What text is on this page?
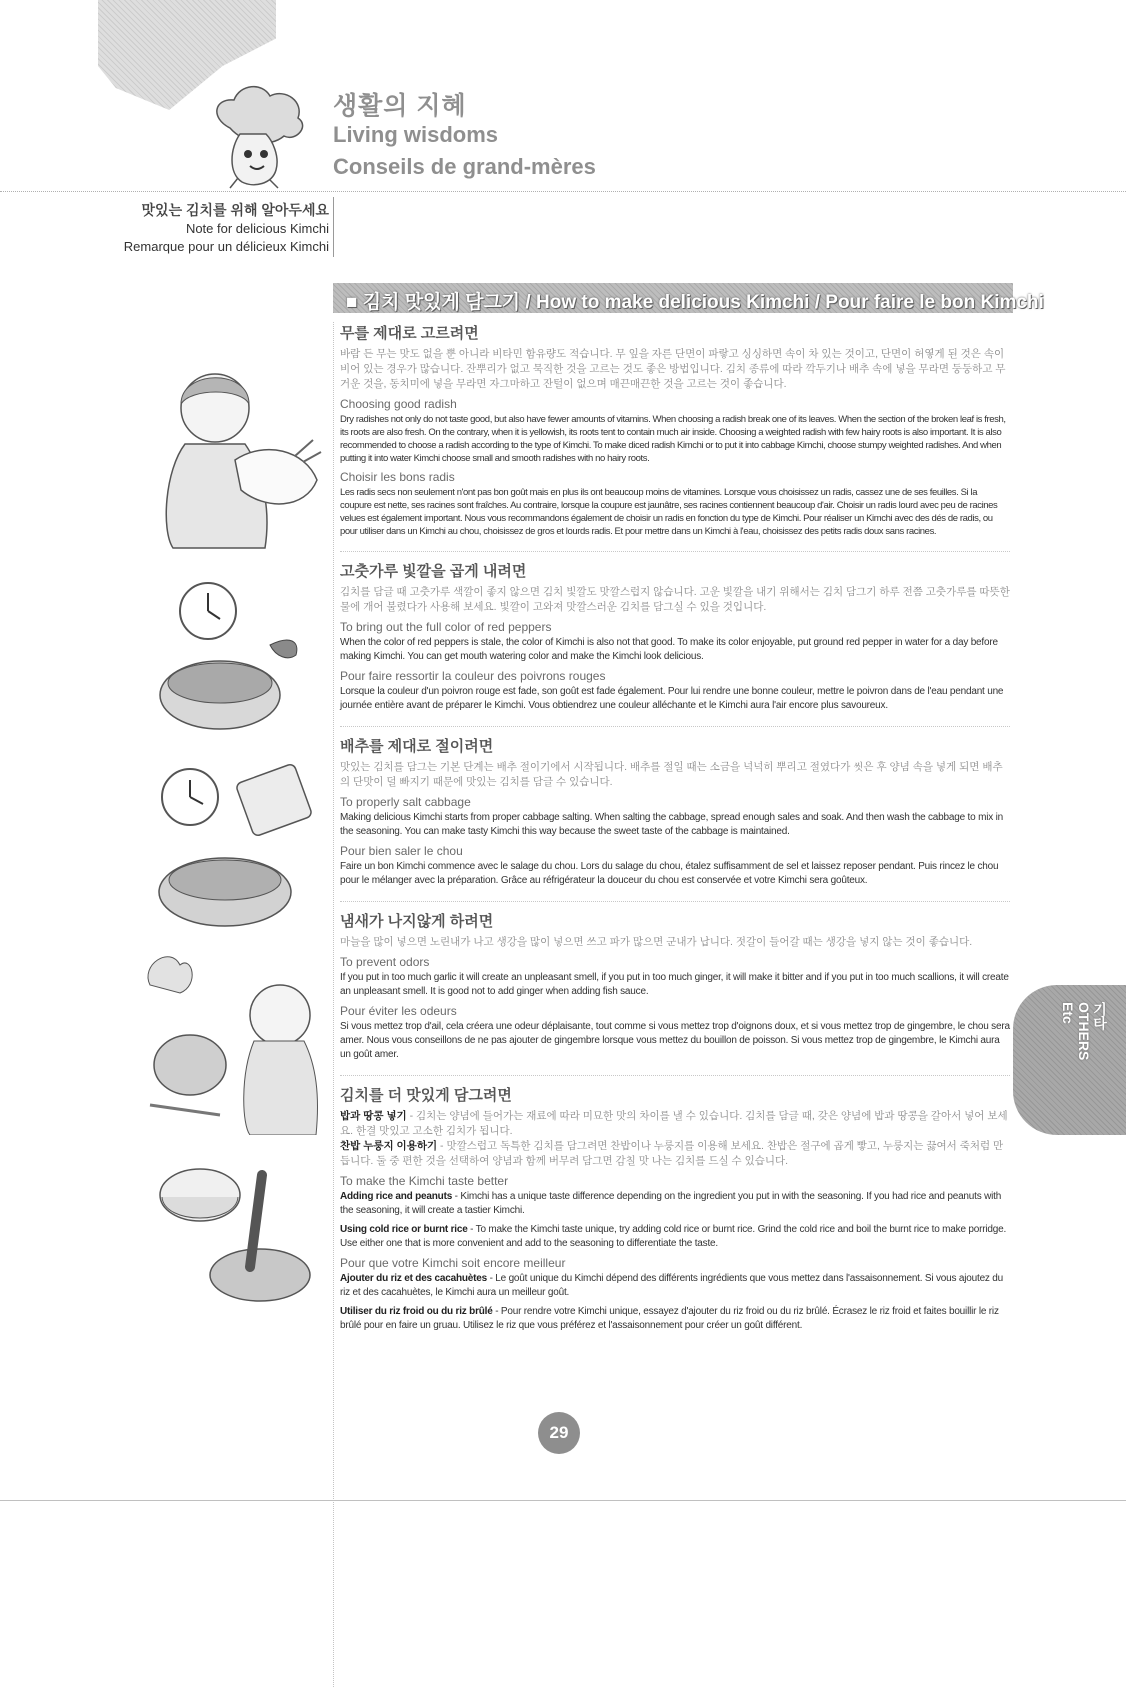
생활의 지혜
Living wisdoms
Conseils de grand-mères
맛있는 김치를 위해 알아두세요
Note for delicious Kimchi
Remarque pour un délicieux Kimchi
■ 김치 맛있게 담그기 / How to make delicious Kimchi / Pour faire le bon Kimchi
무를 제대로 고르려면

바람 든 무는 맛도 없을 뿐 아니라 비타민 함유량도 적습니다. 무 잎을 자른 단면이 파랗고 싱싱하면 속이 차 있는 것이고, 단면이 허옇게 된 것은 속이 비어 있는 경우가 많습니다. 잔뿌리가 없고 묵직한 것을 고르는 것도 좋은 방법입니다. 김치 종류에 따라 깍두기나 배추 속에 넣을 무라면 둥둥하고 무거운 것을, 동치미에 넣을 무라면 자그마하고 잔털이 없으며 매끈매끈한 것을 고르는 것이 좋습니다.

Choosing good radish

Dry radishes not only do not taste good, but also have fewer amounts of vitamins. When choosing a radish break one of its leaves. When the section of the broken leaf is fresh, its roots are also fresh. On the contrary, when it is yellowish, its roots tent to contain much air inside. Choosing a weighted radish with few hairy roots is also important. It is also recommended to choose a radish according to the type of Kimchi. To make diced radish Kimchi or to put it into cabbage Kimchi, choose stumpy weighted radishes. And when putting it into water Kimchi choose small and smooth radishes with no hairy roots.

Choisir les bons radis

Les radis secs non seulement n'ont pas bon goût mais en plus ils ont beaucoup moins de vitamines. Lorsque vous choisissez un radis, cassez une de ses feuilles. Si la coupure est nette, ses racines sont fraîches. Au contraire, lorsque la coupure est jaunâtre, ses racines contiennent beaucoup d'air. Choisir un radis lourd avec peu de racines velues est également important. Nous vous recommandons également de choisir un radis en fonction du type de Kimchi. Pour réaliser un Kimchi avec des dés de radis, ou pour utiliser dans un Kimchi au chou, choisissez de gros et lourds radis. Et pour mettre dans un Kimchi à l'eau, choisissez des petits radis doux sans racines.

고춧가루 빛깔을 곱게 내려면

김치를 담글 때 고춧가루 색깔이 좋지 않으면 김치 빛깔도 맛깔스럽지 않습니다. 고운 빛깔을 내기 위해서는 김치 담그기 하루 전쯤 고춧가루를 따뜻한 물에 개어 불렸다가 사용해 보세요. 빛깔이 고와져 맛깔스러운 김치를 담그실 수 있을 것입니다.

To bring out the full color of red peppers

When the color of red peppers is stale, the color of Kimchi is also not that good. To make its color enjoyable, put ground red pepper in water for a day before making Kimchi. You can get mouth watering color and make the Kimchi look delicious.

Pour faire ressortir la couleur des poivrons rouges

Lorsque la couleur d'un poivron rouge est fade, son goût est fade également. Pour lui rendre une bonne couleur, mettre le poivron dans de l'eau pendant une journée entière avant de préparer le Kimchi. Vous obtiendrez une couleur alléchante et le Kimchi aura l'air encore plus savoureux.

배추를 제대로 절이려면

맛있는 김치를 담그는 기본 단계는 배추 절이기에서 시작됩니다. 배추를 절일 때는 소금을 넉넉히 뿌리고 절였다가 씻은 후 양념 속을 넣게 되면 배추의 단맛이 덜 빠지기 때문에 맛있는 김치를 담글 수 있습니다.

To properly salt cabbage

Making delicious Kimchi starts from proper cabbage salting. When salting the cabbage, spread enough sales and soak. And then wash the cabbage to mix in the seasoning. You can make tasty Kimchi this way because the sweet taste of the cabbage is maintained.

Pour bien saler le chou

Faire un bon Kimchi commence avec le salage du chou. Lors du salage du chou, étalez suffisamment de sel et laissez reposer pendant. Puis rincez le chou pour le mélanger avec la préparation. Grâce au réfrigérateur la douceur du chou est conservée et votre Kimchi sera goûteux.

냄새가 나지않게 하려면

마늘을 많이 넣으면 노린내가 나고 생강을 많이 넣으면 쓰고 파가 많으면 군내가 납니다. 젓갈이 들어갈 때는 생강을 넣지 않는 것이 좋습니다.

To prevent odors

If you put in too much garlic it will create an unpleasant smell, if you put in too much ginger, it will make it bitter and if you put in too much scallions, it will create an unpleasant smell. It is good not to add ginger when adding fish sauce.

Pour éviter les odeurs

Si vous mettez trop d'ail, cela créera une odeur déplaisante, tout comme si vous mettez trop d'oignons doux, et si vous mettez trop de gingembre, le chou sera amer. Nous vous conseillons de ne pas ajouter de gingembre lorsque vous mettez du bouillon de poisson. Si vous mettez trop de gingembre, le Kimchi aura un goût amer.

김치를 더 맛있게 담그려면

밥과 땅콩 넣기 - 김치는 양념에 들어가는 재료에 따라 미묘한 맛의 차이를 낼 수 있습니다. 김치를 담글 때, 갖은 양념에 밥과 땅콩을 갈아서 넣어 보세요. 한결 맛있고 고소한 김치가 됩니다.

찬밥 누룽지 이용하기 - 맛깔스럽고 독특한 김치를 담그려면 찬밥이나 누룽지를 이용해 보세요. 찬밥은 절구에 곱게 빻고, 누룽지는 끓여서 죽처럼 만듭니다. 둘 중 편한 것을 선택하여 양념과 함께 버무려 담그면 감칠 맛 나는 김치를 드실 수 있습니다.

To make the Kimchi taste better

Adding rice and peanuts - Kimchi has a unique taste difference depending on the ingredient you put in with the seasoning. If you had rice and peanuts with the seasoning, it will create a tastier Kimchi.

Using cold rice or burnt rice - To make the Kimchi taste unique, try adding cold rice or burnt rice. Grind the cold rice and boil the burnt rice to make porridge. Use either one that is more convenient and add to the seasoning to differentiate the taste.

Pour que votre Kimchi soit encore meilleur

Ajouter du riz et des cacahuètes - Le goût unique du Kimchi dépend des différents ingrédients que vous mettez dans l'assaisonnement. Si vous ajoutez du riz et des cacahuètes, le Kimchi aura un meilleur goût.

Utiliser du riz froid ou du riz brûlé - Pour rendre votre Kimchi unique, essayez d'ajouter du riz froid ou du riz brûlé. Écrasez le riz froid et faites bouillir le riz brûlé pour en faire un gruau. Utilisez le riz que vous préférez et l'assaisonnement pour créer un goût différent.

기타
OTHERS
Etc
29
